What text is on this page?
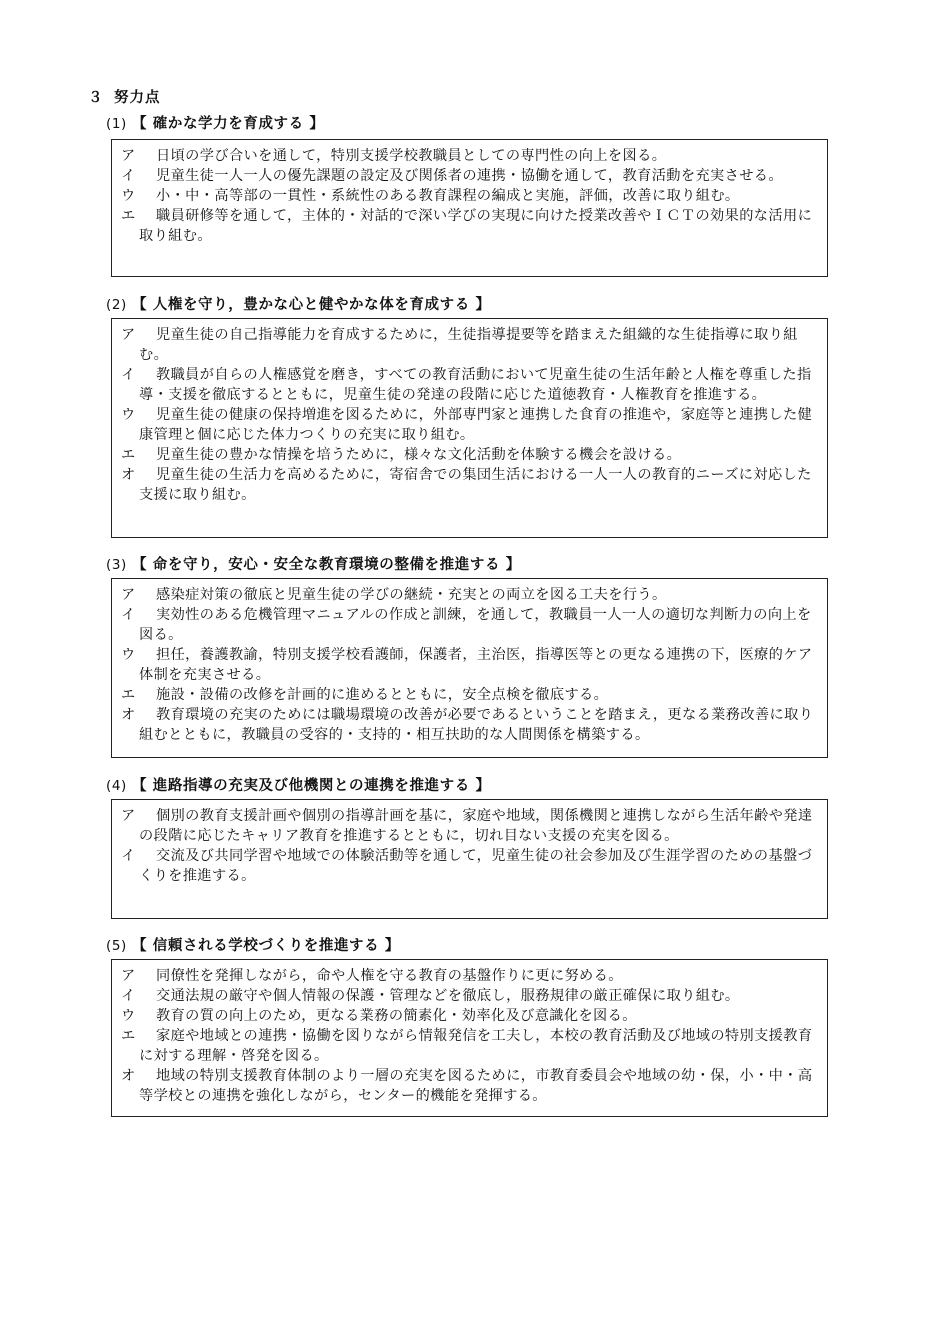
３ 努力点
(1) 【 確かな学力を育成する 】
ア	日頃の学び合いを通して，特別支援学校教職員としての専門性の向上を図る。
イ	児童生徒一人一人の優先課題の設定及び関係者の連携・協働を通して，教育活動を充実させる。
ウ	小・中・高等部の一貫性・系統性のある教育課程の編成と実施，評価，改善に取り組む。
エ	職員研修等を通して，主体的・対話的で深い学びの実現に向けた授業改善やＩＣＴの効果的な活用に取り組む。
(2) 【 人権を守り，豊かな心と健やかな体を育成する 】
ア	児童生徒の自己指導能力を育成するために，生徒指導提要等を踏まえた組織的な生徒指導に取り組む。
イ	教職員が自らの人権感覚を磨き，すべての教育活動において児童生徒の生活年齢と人権を尊重した指導・支援を徹底するとともに，児童生徒の発達の段階に応じた道徳教育・人権教育を推進する。
ウ	児童生徒の健康の保持増進を図るために，外部専門家と連携した食育の推進や，家庭等と連携した健康管理と個に応じた体力つくりの充実に取り組む。
エ	児童生徒の豊かな情操を培うために，様々な文化活動を体験する機会を設ける。
オ	児童生徒の生活力を高めるために，寄宿舎での集団生活における一人一人の教育的ニーズに対応した支援に取り組む。
(3) 【 命を守り，安心・安全な教育環境の整備を推進する 】
ア	感染症対策の徹底と児童生徒の学びの継続・充実との両立を図る工夫を行う。
イ	実効性のある危機管理マニュアルの作成と訓練，を通して，教職員一人一人の適切な判断力の向上を図る。
ウ	担任，養護教諭，特別支援学校看護師，保護者，主治医，指導医等との更なる連携の下，医療的ケア体制を充実させる。
エ	施設・設備の改修を計画的に進めるとともに，安全点検を徹底する。
オ	教育環境の充実のためには職場環境の改善が必要であるということを踏まえ，更なる業務改善に取り組むとともに，教職員の受容的・支持的・相互扶助的な人間関係を構築する。
(4) 【 進路指導の充実及び他機関との連携を推進する 】
ア	個別の教育支援計画や個別の指導計画を基に，家庭や地域，関係機関と連携しながら生活年齢や発達の段階に応じたキャリア教育を推進するとともに，切れ目ない支援の充実を図る。
イ	交流及び共同学習や地域での体験活動等を通して，児童生徒の社会参加及び生涯学習のための基盤づくりを推進する。
(5) 【 信頼される学校づくりを推進する 】
ア	同僚性を発揮しながら，命や人権を守る教育の基盤作りに更に努める。
イ	交通法規の厳守や個人情報の保護・管理などを徹底し，服務規律の厳正確保に取り組む。
ウ	教育の質の向上のため，更なる業務の簡素化・効率化及び意識化を図る。
エ	家庭や地域との連携・協働を図りながら情報発信を工夫し，本校の教育活動及び地域の特別支援教育に対する理解・啓発を図る。
オ	地域の特別支援教育体制のより一層の充実を図るために，市教育委員会や地域の幼・保，小・中・高等学校との連携を強化しながら，センター的機能を発揮する。
